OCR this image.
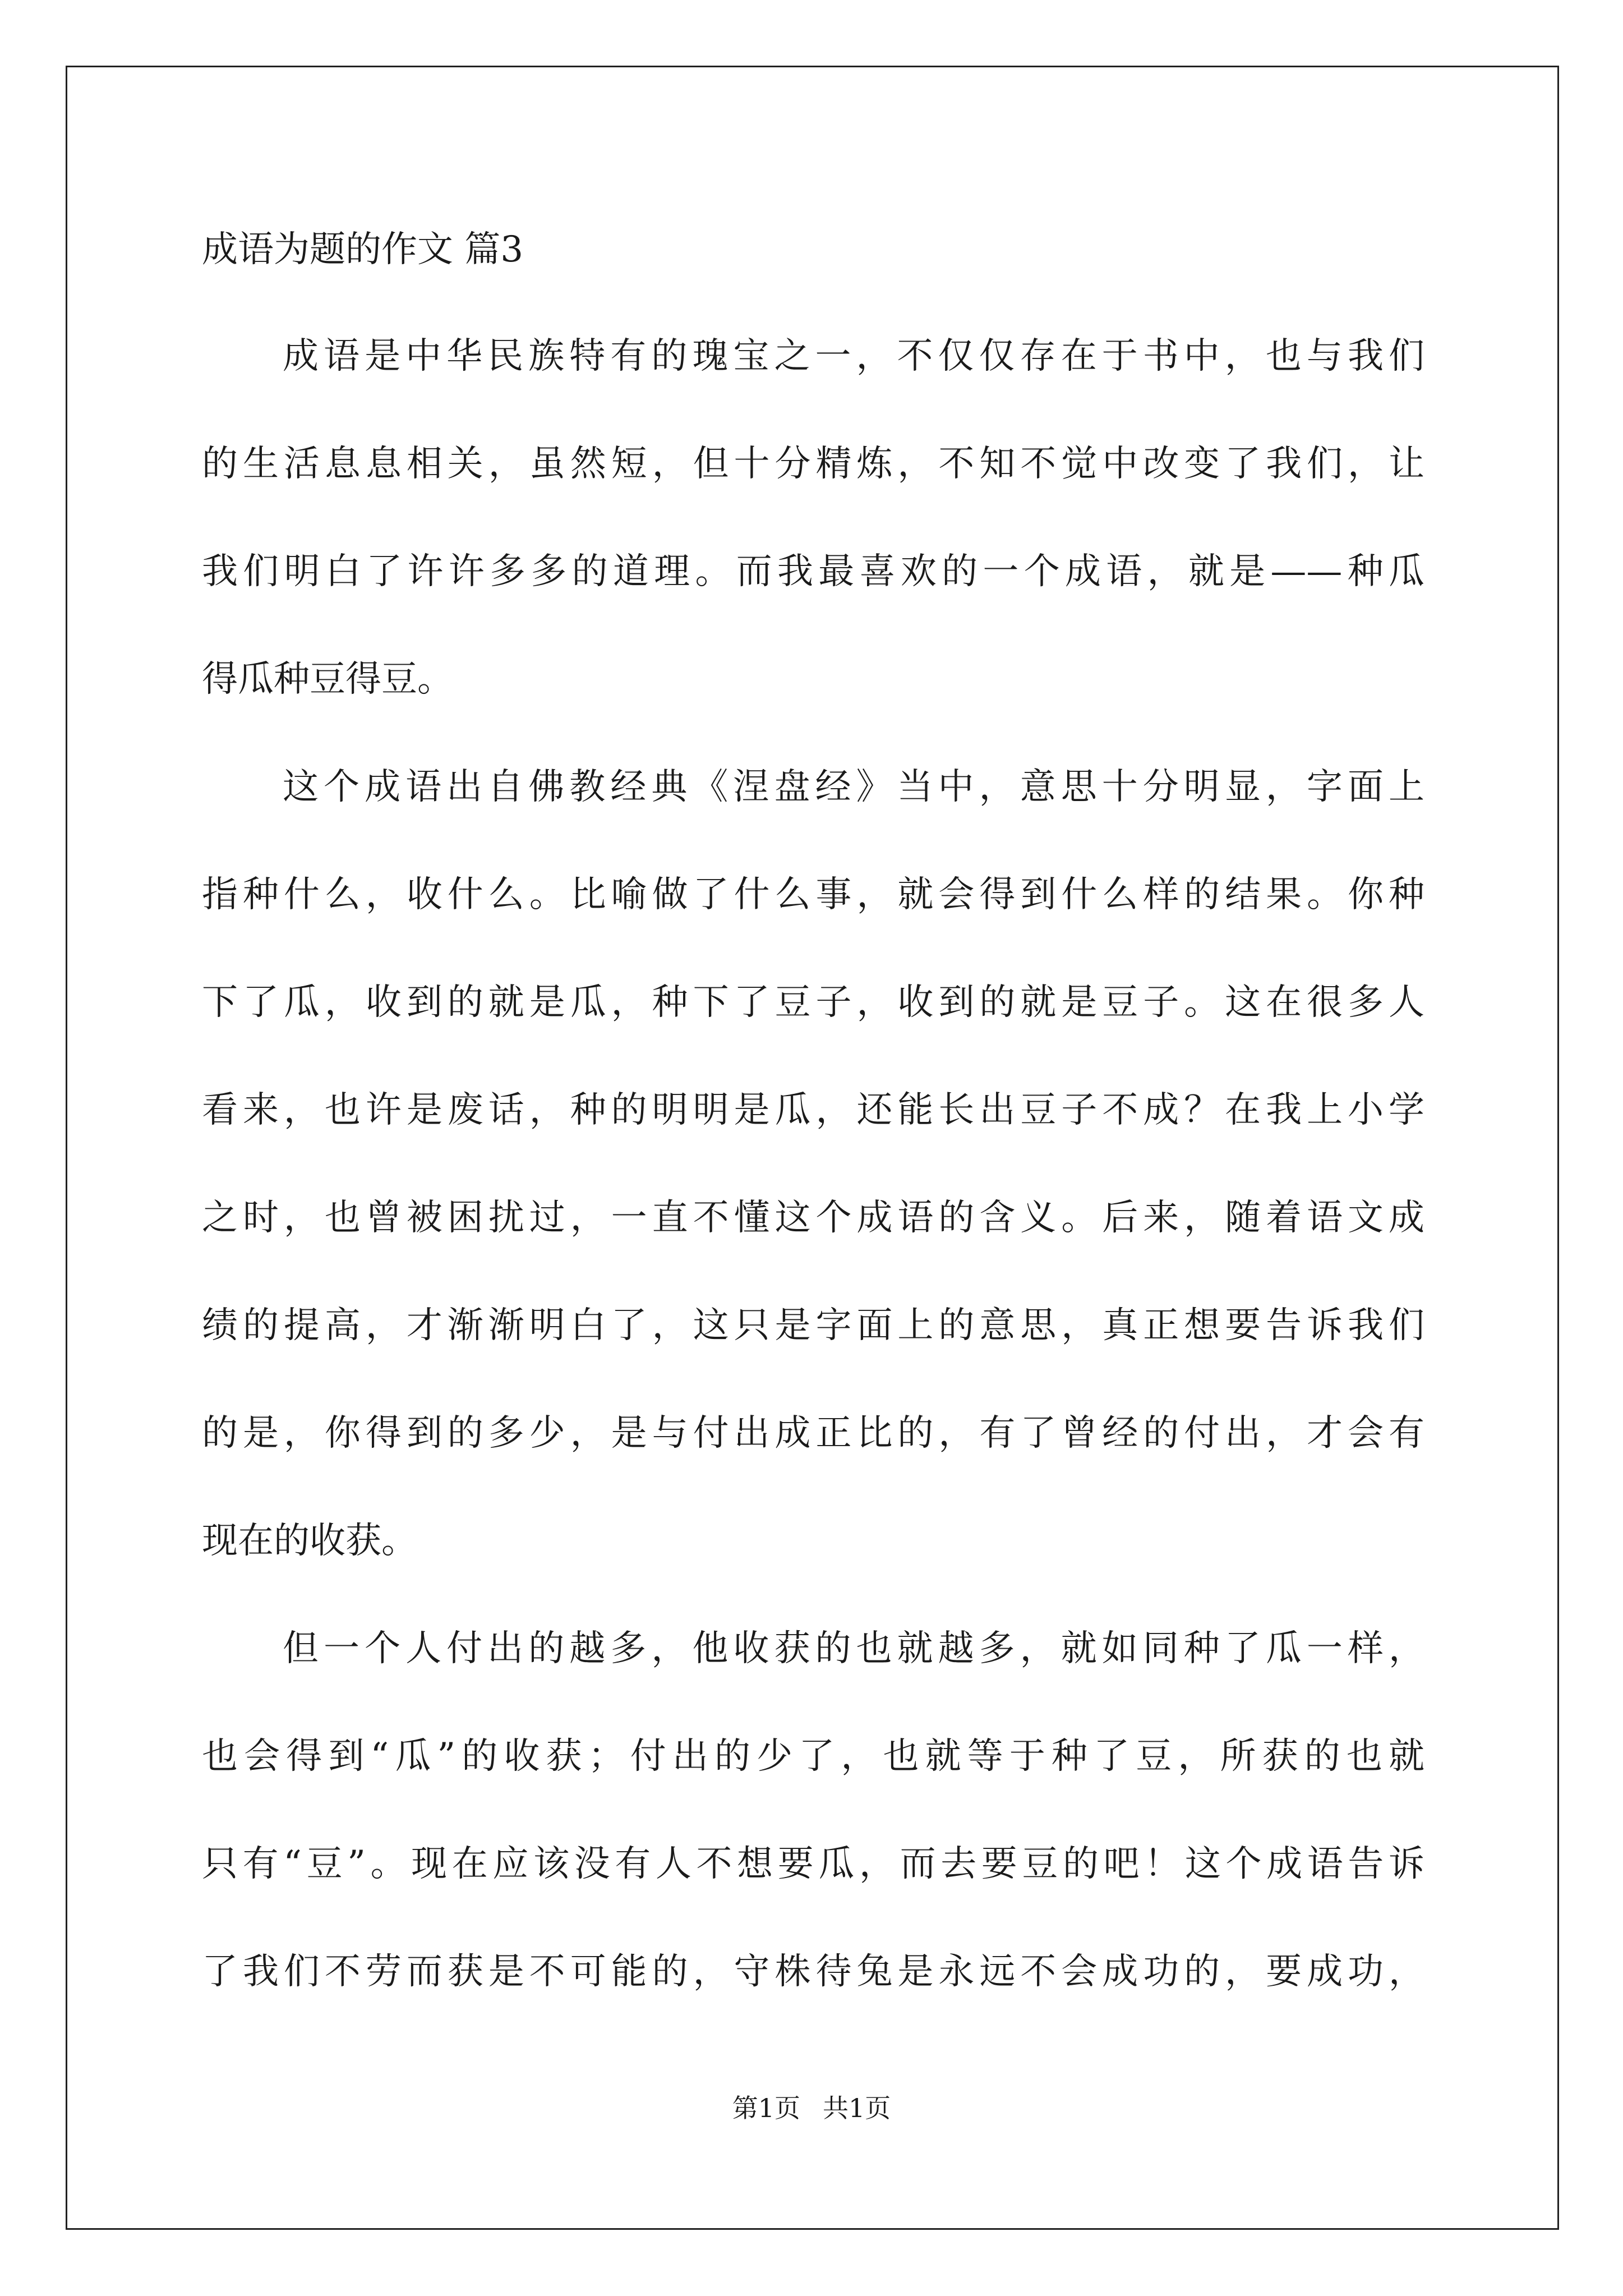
成语为题的作文 篇3
成语是中华民族特有的瑰宝之一，不仅仅存在于书中，也与我们
的生活息息相关，虽然短，但十分精炼，不知不觉中改变了我们，让
我们明白了许许多多的道理。而我最喜欢的一个成语，就是——种瓜
得瓜种豆得豆。
这个成语出自佛教经典《涅盘经》当中，意思十分明显，字面上
指种什么，收什么。比喻做了什么事，就会得到什么样的结果。你种
下了瓜，收到的就是瓜，种下了豆子，收到的就是豆子。这在很多人
看来，也许是废话，种的明明是瓜，还能长出豆子不成？在我上小学
之时，也曾被困扰过，一直不懂这个成语的含义。后来，随着语文成
绩的提高，才渐渐明白了，这只是字面上的意思，真正想要告诉我们
的是，你得到的多少，是与付出成正比的，有了曾经的付出，才会有
现在的收获。
但一个人付出的越多，他收获的也就越多，就如同种了瓜一样，
也会得到“瓜”的收获；付出的少了，也就等于种了豆，所获的也就
只有“豆”。现在应该没有人不想要瓜，而去要豆的吧！这个成语告诉
了我们不劳而获是不可能的，守株待兔是永远不会成功的，要成功，
第1页 共1页
